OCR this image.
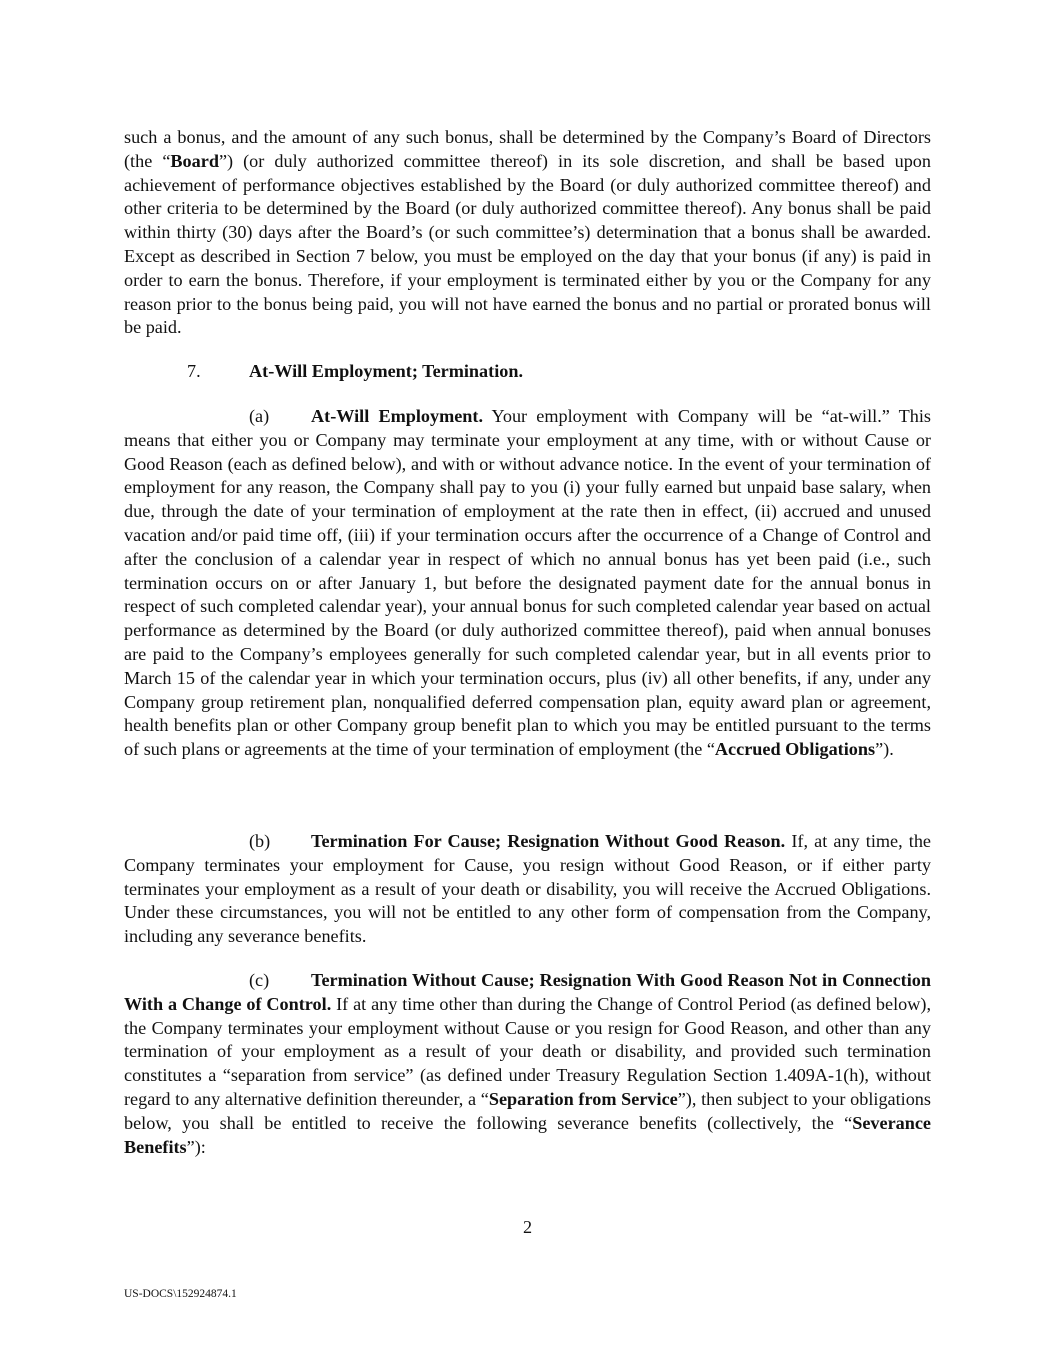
such a bonus, and the amount of any such bonus, shall be determined by the Company’s Board of Directors (the “Board”) (or duly authorized committee thereof) in its sole discretion, and shall be based upon achievement of performance objectives established by the Board (or duly authorized committee thereof) and other criteria to be determined by the Board (or duly authorized committee thereof). Any bonus shall be paid within thirty (30) days after the Board’s (or such committee’s) determination that a bonus shall be awarded. Except as described in Section 7 below, you must be employed on the day that your bonus (if any) is paid in order to earn the bonus. Therefore, if your employment is terminated either by you or the Company for any reason prior to the bonus being paid, you will not have earned the bonus and no partial or prorated bonus will be paid.

7.	At-Will Employment; Termination.

(a) At-Will Employment. Your employment with Company will be “at-will.” This means that either you or Company may terminate your employment at any time, with or without Cause or Good Reason (each as defined below), and with or without advance notice. In the event of your termination of employment for any reason, the Company shall pay to you (i) your fully earned but unpaid base salary, when due, through the date of your termination of employment at the rate then in effect, (ii) accrued and unused vacation and/or paid time off, (iii) if your termination occurs after the occurrence of a Change of Control and after the conclusion of a calendar year in respect of which no annual bonus has yet been paid (i.e., such termination occurs on or after January 1, but before the designated payment date for the annual bonus in respect of such completed calendar year), your annual bonus for such completed calendar year based on actual performance as determined by the Board (or duly authorized committee thereof), paid when annual bonuses are paid to the Company’s employees generally for such completed calendar year, but in all events prior to March 15 of the calendar year in which your termination occurs, plus (iv) all other benefits, if any, under any Company group retirement plan, nonqualified deferred compensation plan, equity award plan or agreement, health benefits plan or other Company group benefit plan to which you may be entitled pursuant to the terms of such plans or agreements at the time of your termination of employment (the “Accrued Obligations”).

(b) Termination For Cause; Resignation Without Good Reason. If, at any time, the Company terminates your employment for Cause, you resign without Good Reason, or if either party terminates your employment as a result of your death or disability, you will receive the Accrued Obligations. Under these circumstances, you will not be entitled to any other form of compensation from the Company, including any severance benefits.

(c) Termination Without Cause; Resignation With Good Reason Not in Connection With a Change of Control. If at any time other than during the Change of Control Period (as defined below), the Company terminates your employment without Cause or you resign for Good Reason, and other than any termination of your employment as a result of your death or disability, and provided such termination constitutes a “separation from service” (as defined under Treasury Regulation Section 1.409A-1(h), without regard to any alternative definition thereunder, a “Separation from Service”), then subject to your obligations below, you shall be entitled to receive the following severance benefits (collectively, the “Severance Benefits”):

2
US-DOCS\152924874.1
